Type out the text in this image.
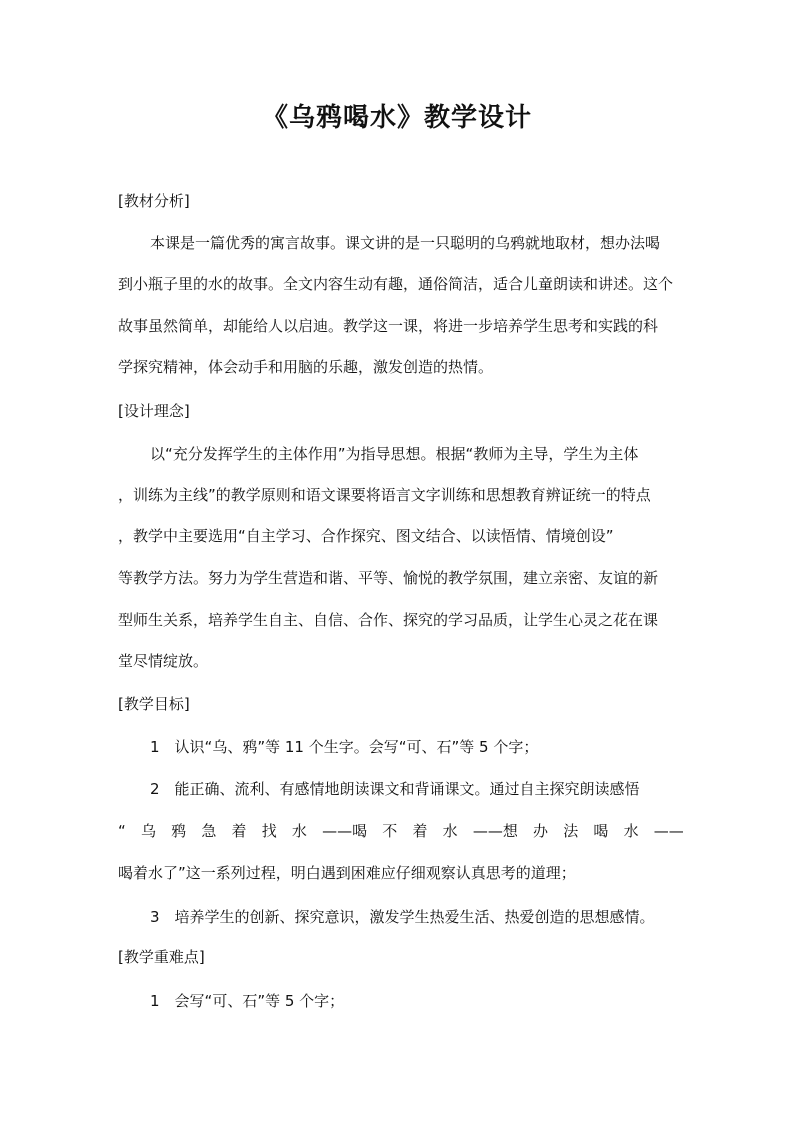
《乌鸦喝水》教学设计
[教材分析]
本课是一篇优秀的寓言故事。课文讲的是一只聪明的乌鸦就地取材，想办法喝
到小瓶子里的水的故事。全文内容生动有趣，通俗简洁，适合儿童朗读和讲述。这个
故事虽然简单，却能给人以启迪。教学这一课，将进一步培养学生思考和实践的科
学探究精神，体会动手和用脑的乐趣，激发创造的热情。
[设计理念]
以“充分发挥学生的主体作用”为指导思想。根据“教师为主导，学生为主体
，训练为主线”的教学原则和语文课要将语言文字训练和思想教育辨证统一的特点
，教学中主要选用“自主学习、合作探究、图文结合、以读悟情、情境创设”
等教学方法。努力为学生营造和谐、平等、愉悦的教学氛围，建立亲密、友谊的新
型师生关系，培养学生自主、自信、合作、探究的学习品质，让学生心灵之花在课
堂尽情绽放。
[教学目标]
1　认识“乌、鸦”等 11 个生字。会写“可、石”等 5 个字；
2　能正确、流利、有感情地朗读课文和背诵课文。通过自主探究朗读感悟
“ 乌 鸦 急 着 找 水 ——喝 不 着 水 ——想 办 法 喝 水 ——
喝着水了”这一系列过程，明白遇到困难应仔细观察认真思考的道理；
3　培养学生的创新、探究意识，激发学生热爱生活、热爱创造的思想感情。
[教学重难点]
1　会写“可、石”等 5 个字；
